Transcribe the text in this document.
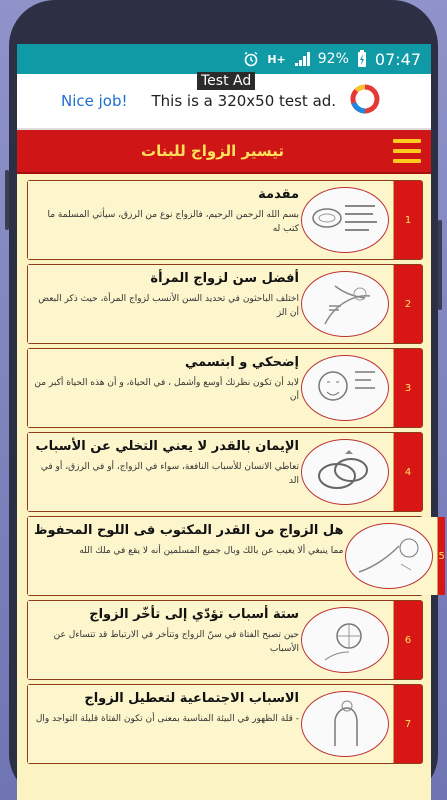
H+ 92% 07:47
Test Ad
Nice job! This is a 320x50 test ad.
تيسير الزواج للبنات
مقدمة
بسم الله الرحمن الرحيم، فالزواج نوع من الرزق، سيأتي المسلمة ما كتب له
1
أفضل سن لزواج المرأة
اختلف الباحثون في تحديد السن الأنسب لزواج المرأة، حيث ذكر البعض أن الز
2
إضحكي و ابتسمي
لابد أن تكون نظرتك أوسع وأشمل ، في الحياة، و أن هذه الحياة أكبر من أن
3
الإيمان بالقدر لا يعني التخلي عن الأسباب
تعاطي الانسان للأسباب النافعة، سواء في الزواج، أو في الرزق، أو في الد
4
هل الزواج من القدر المكتوب فى اللوح المحفوظ
مما ينبغي ألا يغيب عن بالك وبال جميع المسلمين أنه لا يقع في ملك الله	5
ستة أسباب تؤدّي إلى تأخّر الزواج
حين تصبح الفتاة في سنّ الزواج وتتأخر في الارتباط قد تتساءل عن الأسباب
6
الاسباب الاجتماعية لتعطيل الزواج
- قلة الظهور في البيئة المناسبة بمعنى أن تكون الفتاة قليلة التواجد وال	7
